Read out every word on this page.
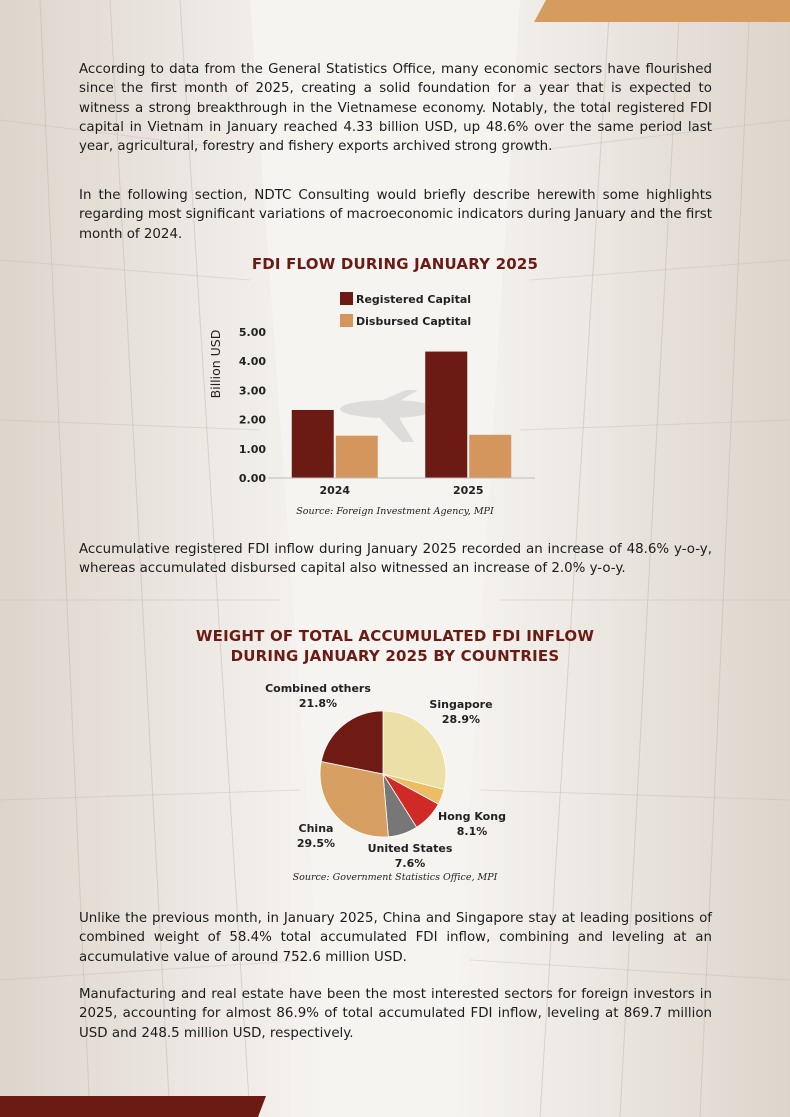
According to data from the General Statistics Office, many economic sectors have flourished since the first month of 2025, creating a solid foundation for a year that is expected to witness a strong breakthrough in the Vietnamese economy. Notably, the total registered FDI capital in Vietnam in January reached 4.33 billion USD, up 48.6% over the same period last year, agricultural, forestry and fishery exports archived strong growth.

In the following section, NDTC Consulting would briefly describe herewith some highlights regarding most significant variations of macroeconomic indicators during January and the first month of 2024.

FDI FLOW DURING JANUARY 2025
0.00
1.00
2.00
3.00
4.00
5.00
2024	2025
Registered Capital
Disbursed Captital
Billion USD
Source: Foreign Investment Agency, MPI

Accumulative registered FDI inflow during January 2025 recorded an increase of 48.6% y-o-y, whereas accumulated disbursed capital also witnessed an increase of 2.0% y-o-y.

WEIGHT OF TOTAL ACCUMULATED FDI INFLOW
DURING JANUARY 2025 BY COUNTRIES
Singapore
28.9%
Hong Kong
8.1%
United States
7.6%
China
29.5%
Combined others
21.8%
Source: Government Statistics Office, MPI

Unlike the previous month, in January 2025, China and Singapore stay at leading positions of combined weight of 58.4% total accumulated FDI inflow, combining and leveling at an accumulative value of around 752.6 million USD.

Manufacturing and real estate have been the most interested sectors for foreign investors in 2025, accounting for almost 86.9% of total accumulated FDI inflow, leveling at 869.7 million USD and 248.5 million USD, respectively.
